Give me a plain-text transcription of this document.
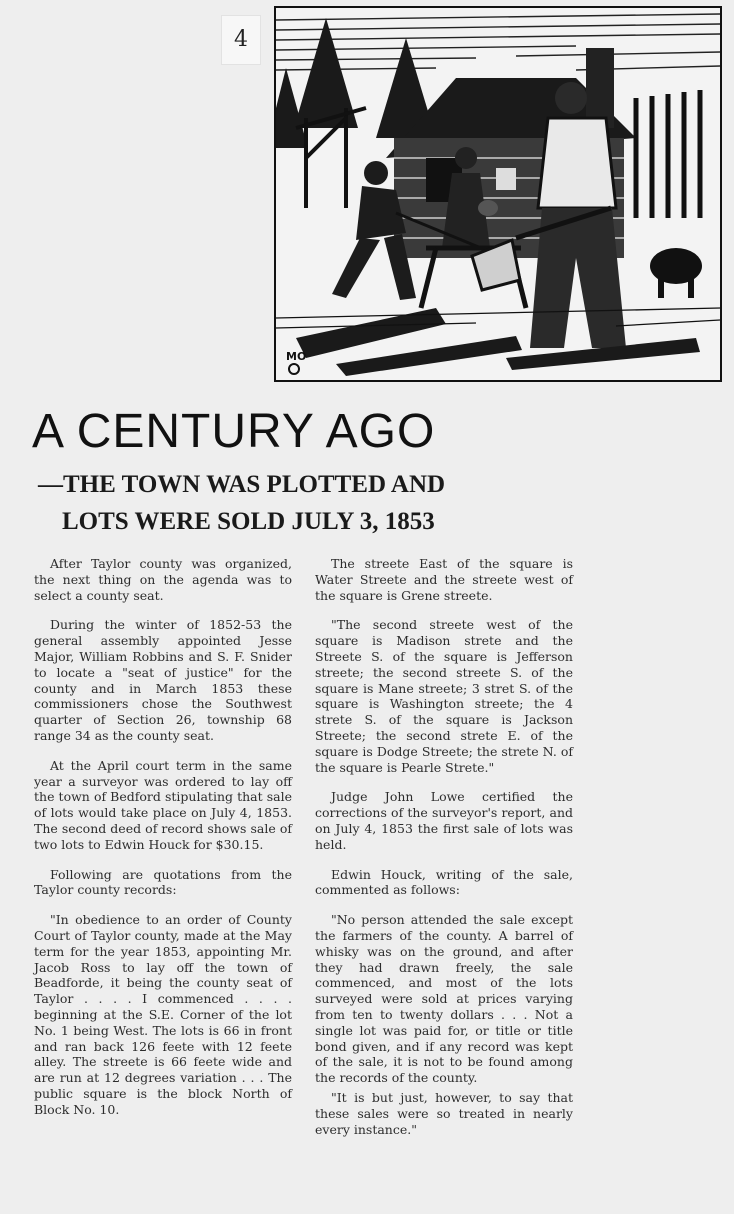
4
MO
A CENTURY AGO
—THE TOWN WAS PLOTTED AND
LOTS WERE SOLD JULY 3, 1853

After Taylor county was organized, the next thing on the agenda was to select a county seat.

During the winter of 1852-53 the general assembly appointed Jesse Major, William Robbins and S. F. Snider to locate a "seat of justice" for the county and in March 1853 these commissioners chose the Southwest quarter of Section 26, township 68 range 34 as the county seat.

At the April court term in the same year a surveyor was ordered to lay off the town of Bedford stipulating that sale of lots would take place on July 4, 1853. The second deed of record shows sale of two lots to Edwin Houck for $30.15.

Following are quotations from the Taylor county records:

"In obedience to an order of County Court of Taylor county, made at the May term for the year 1853, appointing Mr. Jacob Ross to lay off the town of Beadforde, it being the county seat of Taylor . . . . I commenced . . . . beginning at the S.E. Corner of the lot No. 1 being West. The lots is 66 in front and ran back 126 feete with 12 feete alley. The streete is 66 feete wide and are run at 12 degrees variation . . . The public square is the block North of Block No. 10.

The streete East of the square is Water Streete and the streete west of the square is Grene streete.

"The second streete west of the square is Madison strete and the Streete S. of the square is Jefferson streete; the second streete S. of the square is Mane streete; 3 stret S. of the square is Washington streete; the 4 strete S. of the square is Jackson Streete; the second strete E. of the square is Dodge Streete; the strete N. of the square is Pearle Strete."

Judge John Lowe certified the corrections of the surveyor's report, and on July 4, 1853 the first sale of lots was held.

Edwin Houck, writing of the sale, commented as follows:

"No person attended the sale except the farmers of the county. A barrel of whisky was on the ground, and after they had drawn freely, the sale commenced, and most of the lots surveyed were sold at prices varying from ten to twenty dollars . . . Not a single lot was paid for, or title or title bond given, and if any record was kept of the sale, it is not to be found among the records of the county.

"It is but just, however, to say that these sales were so treated in nearly every instance."
